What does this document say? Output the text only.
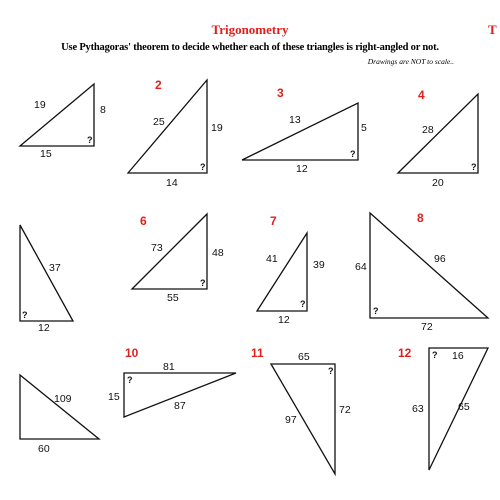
Trigonometry	T
Use Pythagoras' theorem to decide whether each of these triangles is right-angled or not.
Drawings are NOT to scale..
19	8
15
?
2
25	19
14
?
3
13
5
12
?
4
28
20
?
37
12
?
6
73	48
55
?
7
41	39
12
?
8
64
96
72
?
109
60
10
81
15
87
?
11	65
97
72
?
12	16
63	65
?
